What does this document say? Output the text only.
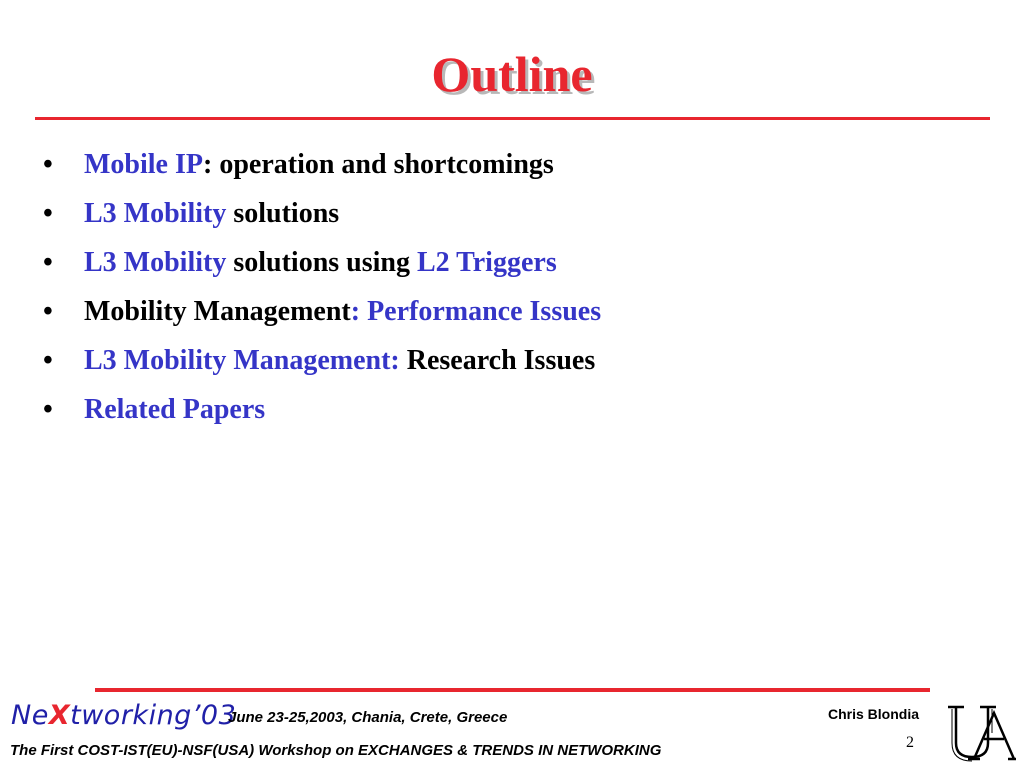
Outline
• Mobile IP: operation and shortcomings
• L3 Mobility solutions
• L3 Mobility solutions using L2 Triggers
• Mobility Management: Performance Issues
• L3 Mobility Management: Research Issues
• Related Papers
NeXtworking’03
June 23-25,2003, Chania, Crete, Greece	Chris Blondia
2
The First COST-IST(EU)-NSF(USA) Workshop on EXCHANGES & TRENDS IN NETWORKING
